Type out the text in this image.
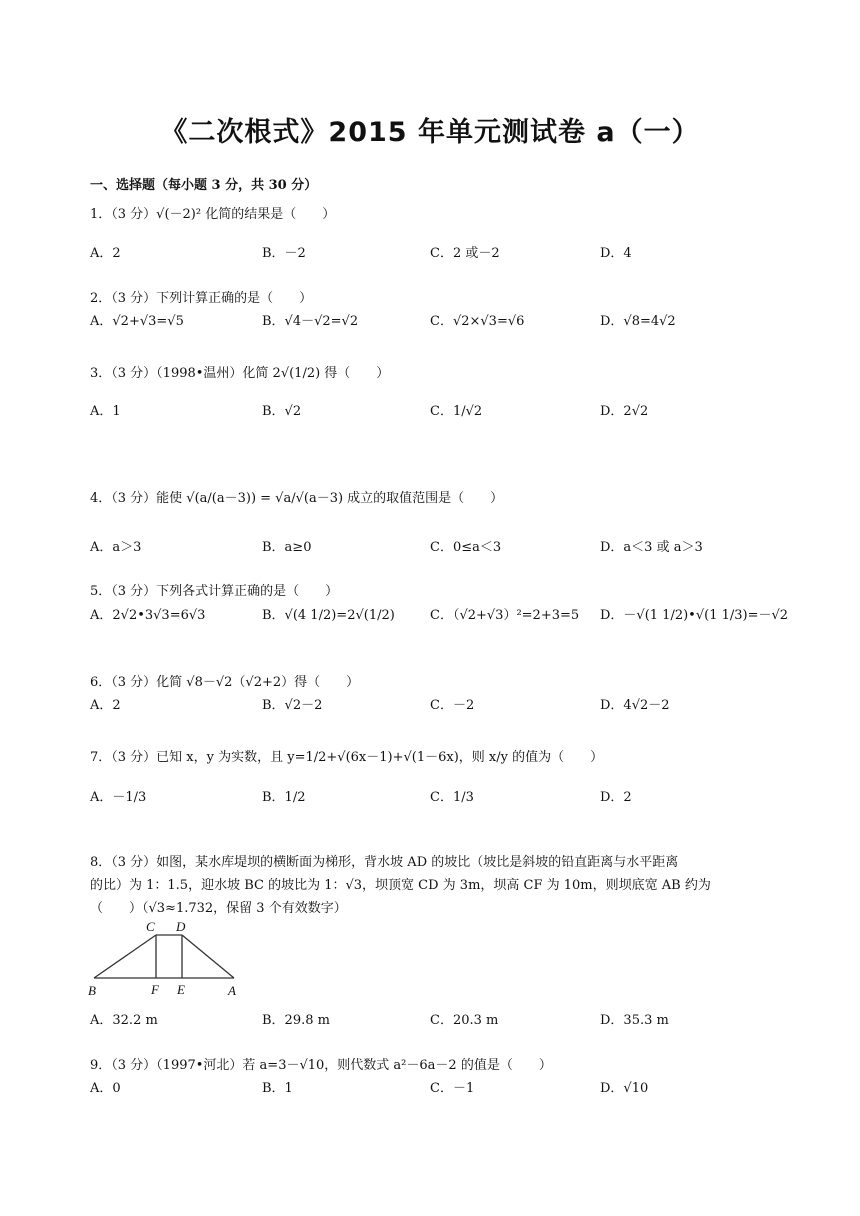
《二次根式》2015 年单元测试卷 a（一）
一、选择题（每小题 3 分，共 30 分）
1．（3 分）√(－2)² 化简的结果是（　　）
A．2	B．－2	C．2 或－2	D．4
2．（3 分）下列计算正确的是（　　）
A．√2+√3=√5	B．√4－√2=√2	C．√2×√3=√6	D．√8=4√2
3．（3 分）（1998•温州）化简 2√(1/2) 得（　　）
A．1	B．√2	C．1/√2	D．2√2
4．（3 分）能使 √(a/(a－3)) = √a/√(a－3) 成立的取值范围是（　　）
A．a＞3	B．a≥0	C．0≤a＜3	D．a＜3 或 a＞3
5．（3 分）下列各式计算正确的是（　　）
A．2√2•3√3=6√3	B．√(4 1/2)=2√(1/2)	C．（√2+√3）²=2+3=5 D．－√(1 1/2)•√(1 1/3)=－√2
6．（3 分）化简 √8－√2（√2+2）得（　　）
A．2	B．√2－2	C．－2	D．4√2－2
7．（3 分）已知 x，y 为实数，且 y=1/2+√(6x－1)+√(1－6x)，则 x/y 的值为（　　）
A．－1/3	B．1/2	C．1/3	D．2
8．（3 分）如图，某水库堤坝的横断面为梯形，背水坡 AD 的坡比（坡比是斜坡的铅直距离与水平距离
的比）为 1：1.5，迎水坡 BC 的坡比为 1：√3，坝顶宽 CD 为 3m，坝高 CF 为 10m，则坝底宽 AB 约为
（　　）（√3≈1.732，保留 3 个有效数字）
C D
B	F E	A
A．32.2 m	B．29.8 m	C．20.3 m	D．35.3 m
9．（3 分）（1997•河北）若 a=3－√10，则代数式 a²－6a－2 的值是（　　）
A．0	B．1	C．－1	D．√10
